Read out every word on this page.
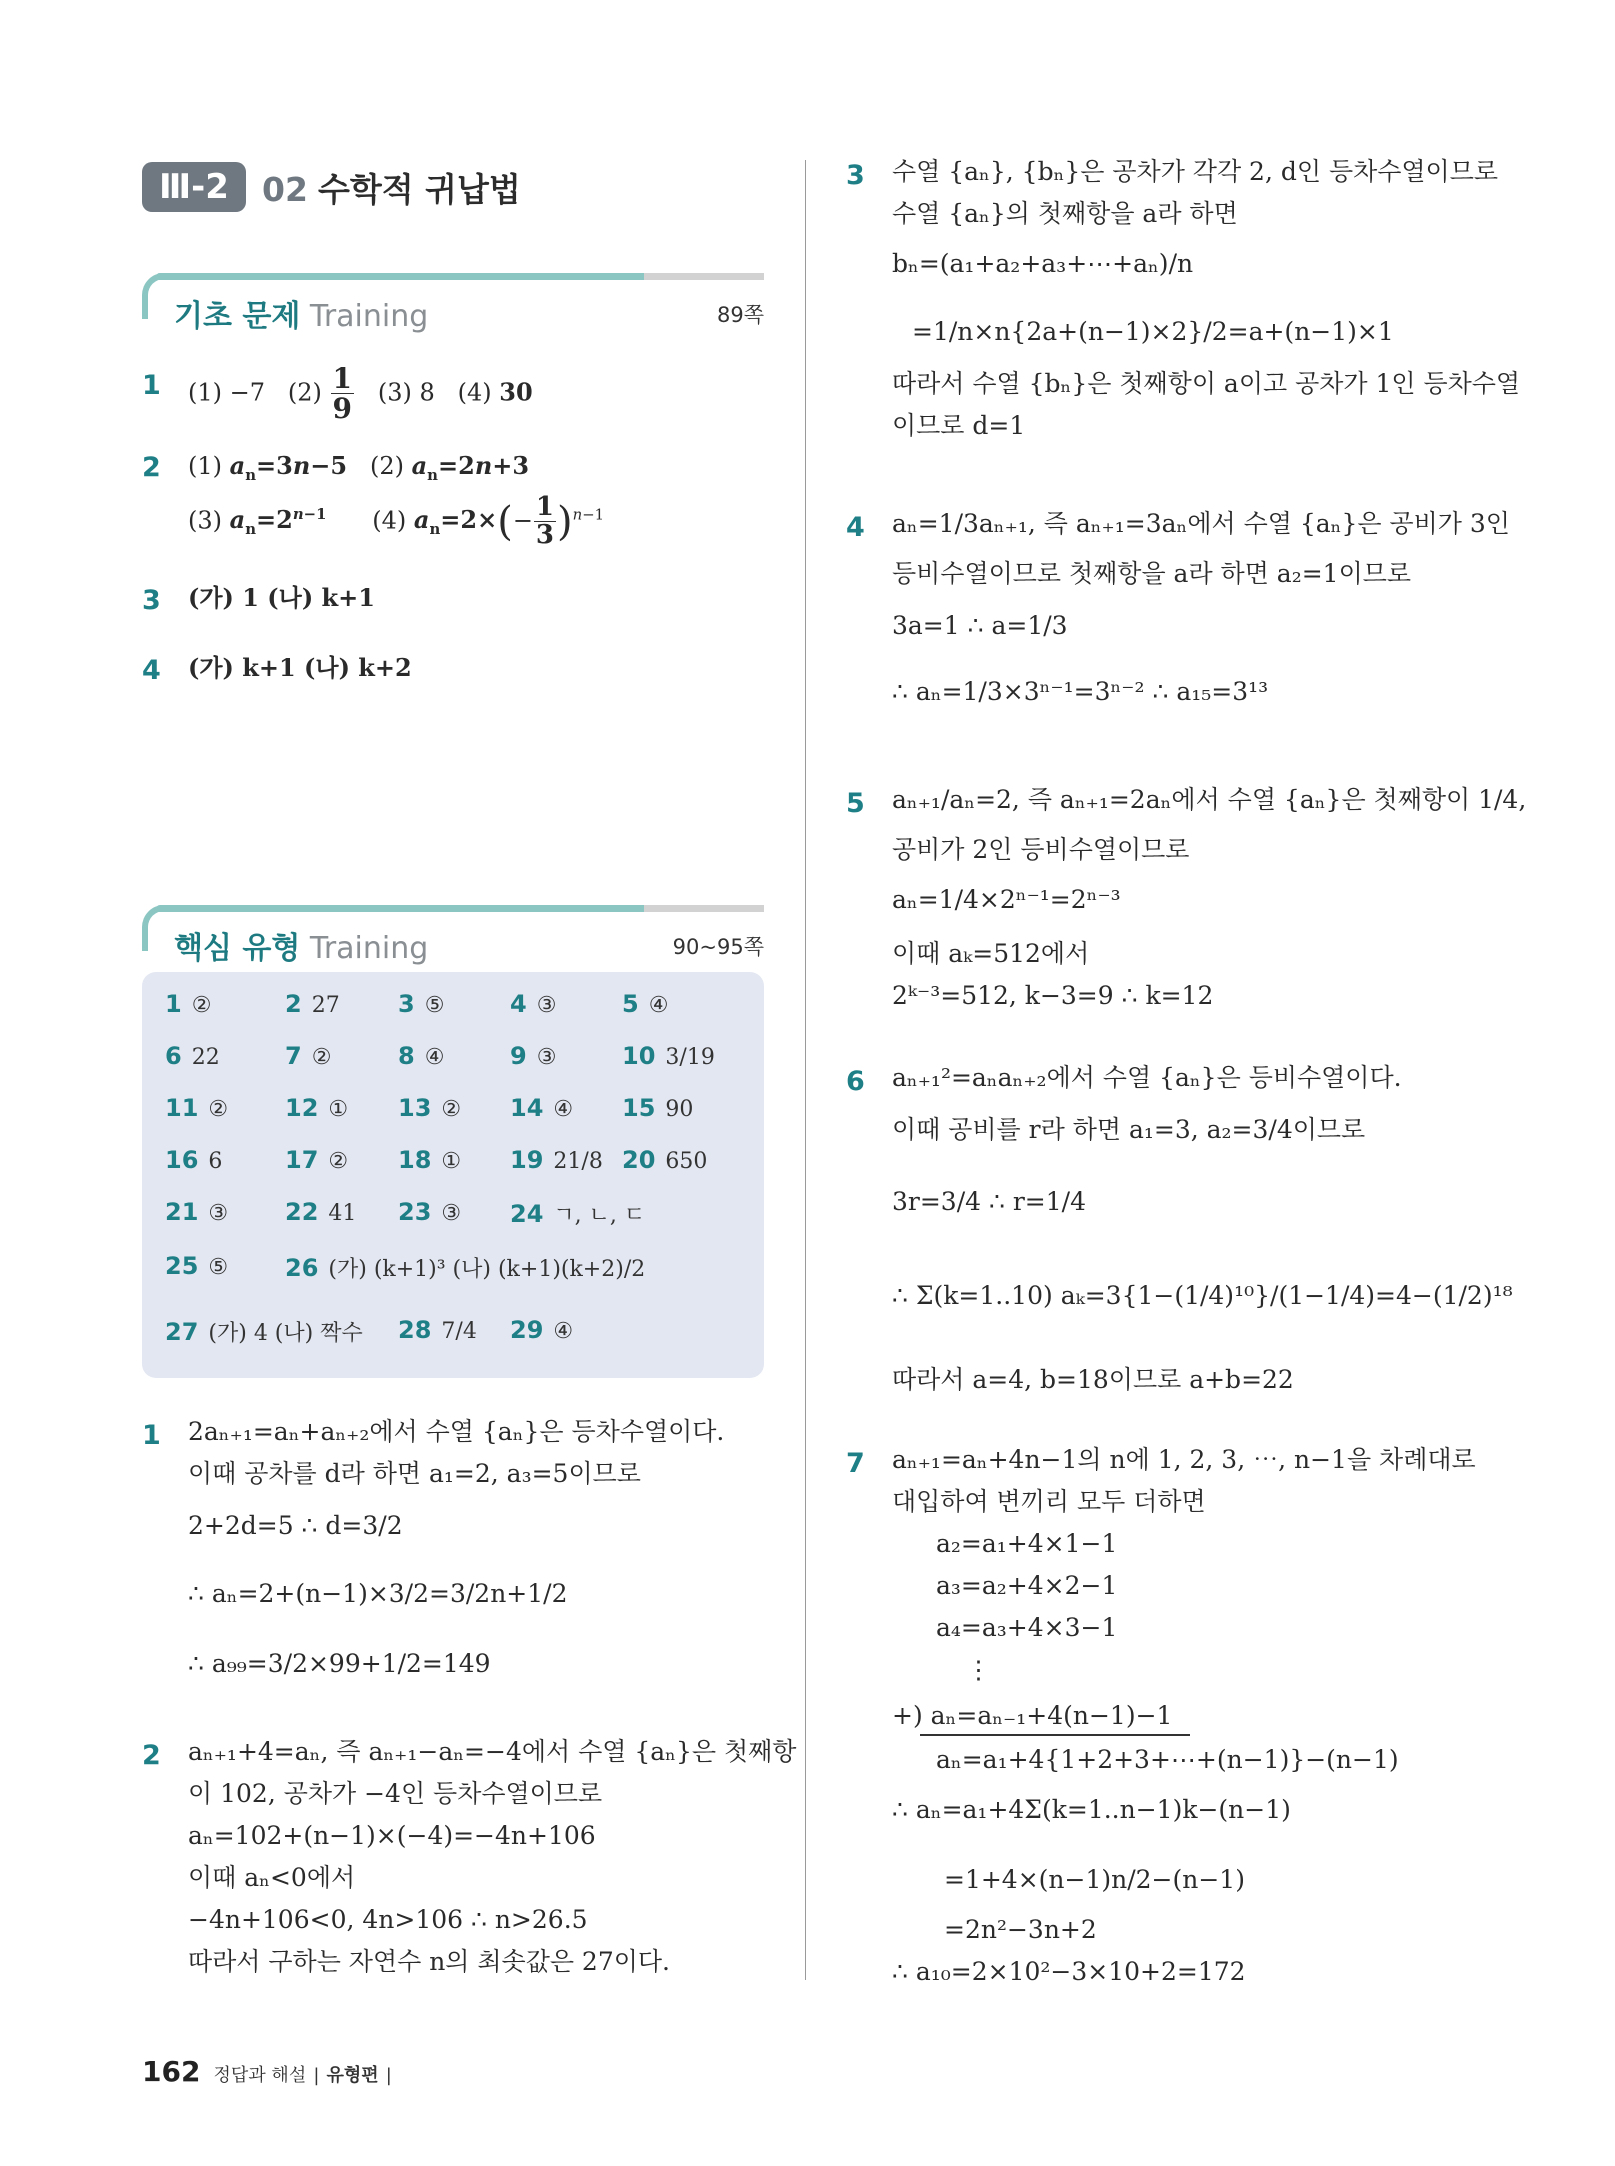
Ⅲ-2	02 수학적 귀납법
기초 문제 Training	89쪽
1 (1) −7   $(2) \frac{1}{9} (3)$ 8   (4) 30
2 (1) $a_n=3n-5$   (2) $a_n=2n+3$
(3) $a_n=2^{n-1}$      (4) $a_n=2\times(- \frac{1}{3} )^{n-1}$
3 (가) 1 (나) k+1
4 (가) k+1 (나) k+2
핵심 유형 Training	90~95쪽
1 ②	2 27 3 ⑤	4 ③	5 ④
6 22	7 ②	8 ④	9 ③	10 3/19
11 ② 12 ① 13 ② 14 ④ 15 90
16 6	17 ② 18 ① 19 21/8 20 650
21 ③ 22 41 23 ③ 24 ㄱ, ㄴ, ㄷ
25 ⑤ 26 (가) (k+1)³ (나) (k+1)(k+2)/2
27 (가) 4 (나) 짝수 28 7/4 29 ④
1 2aₙ₊₁=aₙ+aₙ₊₂에서 수열 {aₙ}은 등차수열이다.
이때 공차를 d라 하면 a₁=2, a₃=5이므로
2+2d=5 ∴ d=3/2
∴ aₙ=2+(n−1)×3/2=3/2n+1/2
∴ a₉₉=3/2×99+1/2=149
2 aₙ₊₁+4=aₙ, 즉 aₙ₊₁−aₙ=−4에서 수열 {aₙ}은 첫째항
이 102, 공차가 −4인 등차수열이므로
aₙ=102+(n−1)×(−4)=−4n+106
이때 aₙ<0에서
−4n+106<0, 4n>106 ∴ n>26.5
따라서 구하는 자연수 n의 최솟값은 27이다.
3 수열 {aₙ}, {bₙ}은 공차가 각각 2, d인 등차수열이므로
수열 {aₙ}의 첫째항을 a라 하면
bₙ=(a₁+a₂+a₃+⋯+aₙ)/n
=1/n×n{2a+(n−1)×2}/2=a+(n−1)×1
따라서 수열 {bₙ}은 첫째항이 a이고 공차가 1인 등차수열
이므로 d=1
4 aₙ=1/3aₙ₊₁, 즉 aₙ₊₁=3aₙ에서 수열 {aₙ}은 공비가 3인
등비수열이므로 첫째항을 a라 하면 a₂=1이므로
3a=1 ∴ a=1/3
∴ aₙ=1/3×3ⁿ⁻¹=3ⁿ⁻² ∴ a₁₅=3¹³
5 aₙ₊₁/aₙ=2, 즉 aₙ₊₁=2aₙ에서 수열 {aₙ}은 첫째항이 1/4,
공비가 2인 등비수열이므로
aₙ=1/4×2ⁿ⁻¹=2ⁿ⁻³
이때 aₖ=512에서
2ᵏ⁻³=512, k−3=9 ∴ k=12
6 aₙ₊₁²=aₙaₙ₊₂에서 수열 {aₙ}은 등비수열이다.
이때 공비를 r라 하면 a₁=3, a₂=3/4이므로
3r=3/4 ∴ r=1/4
∴ Σ(k=1..10) aₖ=3{1−(1/4)¹⁰}/(1−1/4)=4−(1/2)¹⁸
따라서 a=4, b=18이므로 a+b=22
7 aₙ₊₁=aₙ+4n−1의 n에 1, 2, 3, ⋯, n−1을 차례대로
대입하여 변끼리 모두 더하면
a₂=a₁+4×1−1
a₃=a₂+4×2−1
a₄=a₃+4×3−1
⋮
+) aₙ=aₙ₋₁+4(n−1)−1
aₙ=a₁+4{1+2+3+⋯+(n−1)}−(n−1)
∴ aₙ=a₁+4Σ(k=1..n−1)k−(n−1)
=1+4×(n−1)n/2−(n−1)
=2n²−3n+2
∴ a₁₀=2×10²−3×10+2=172
162 정답과 해설 | 유형편 |
